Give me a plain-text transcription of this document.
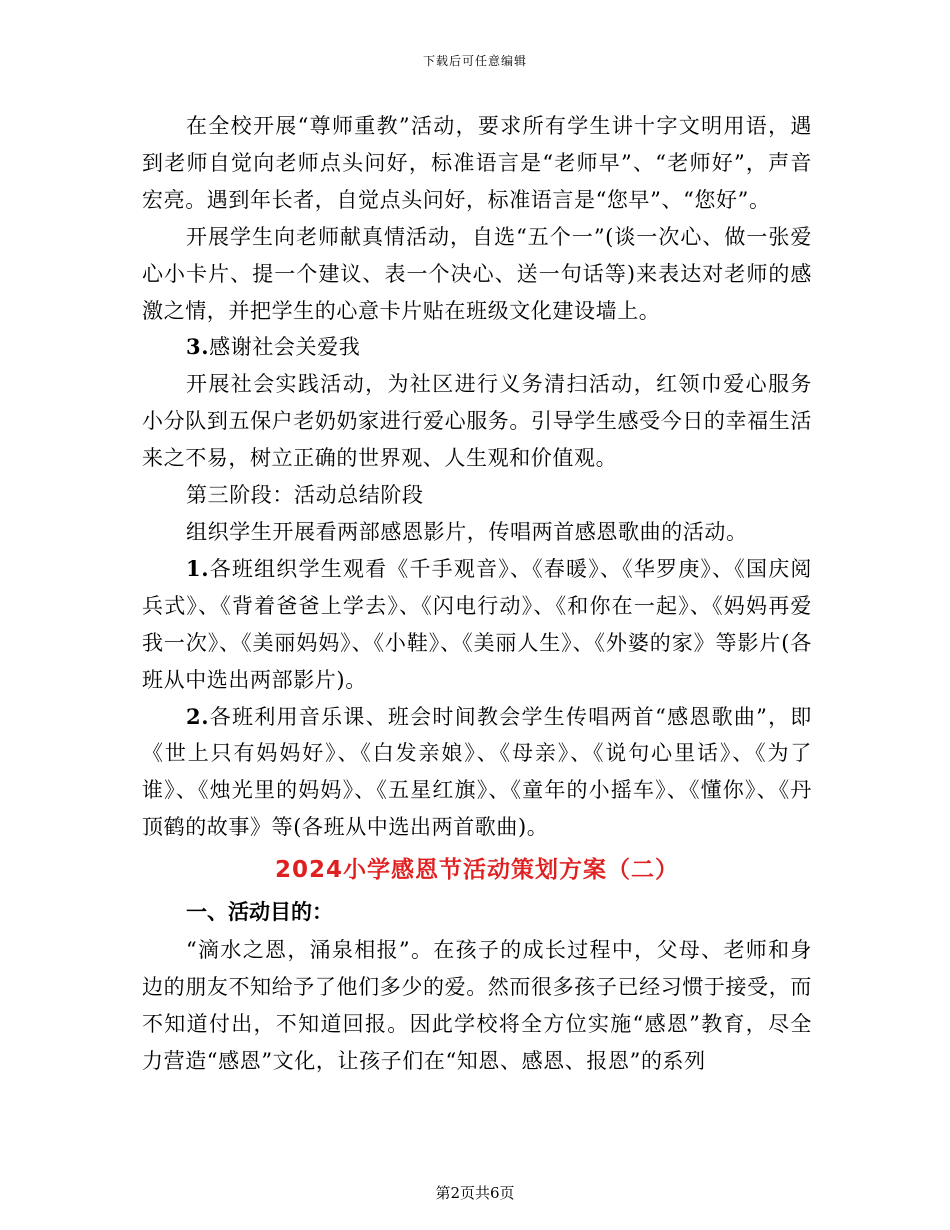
下载后可任意编辑

在全校开展“尊师重教”活动，要求所有学生讲十字文明用语，遇到老师自觉向老师点头问好，标准语言是“老师早”、“老师好”，声音宏亮。遇到年长者，自觉点头问好，标准语言是“您早”、“您好”。

开展学生向老师献真情活动，自选“五个一”(谈一次心、做一张爱心小卡片、提一个建议、表一个决心、送一句话等)来表达对老师的感激之情，并把学生的心意卡片贴在班级文化建设墙上。

3.感谢社会关爱我

开展社会实践活动，为社区进行义务清扫活动，红领巾爱心服务小分队到五保户老奶奶家进行爱心服务。引导学生感受今日的幸福生活来之不易，树立正确的世界观、人生观和价值观。

第三阶段：活动总结阶段

组织学生开展看两部感恩影片，传唱两首感恩歌曲的活动。

1.各班组织学生观看《千手观音》、《春暖》、《华罗庚》、《国庆阅兵式》、《背着爸爸上学去》、《闪电行动》、《和你在一起》、《妈妈再爱我一次》、《美丽妈妈》、《小鞋》、《美丽人生》、《外婆的家》等影片(各班从中选出两部影片)。

2.各班利用音乐课、班会时间教会学生传唱两首“感恩歌曲”，即《世上只有妈妈好》、《白发亲娘》、《母亲》、《说句心里话》、《为了谁》、《烛光里的妈妈》、《五星红旗》、《童年的小摇车》、《懂你》、《丹顶鹤的故事》等(各班从中选出两首歌曲)。

2024小学感恩节活动策划方案（二）
一、活动目的：

“滴水之恩，涌泉相报”。在孩子的成长过程中，父母、老师和身边的朋友不知给予了他们多少的爱。然而很多孩子已经习惯于接受，而不知道付出，不知道回报。因此学校将全方位实施“感恩”教育，尽全力营造“感恩”文化，让孩子们在“知恩、感恩、报恩”的系列

第2页共6页
